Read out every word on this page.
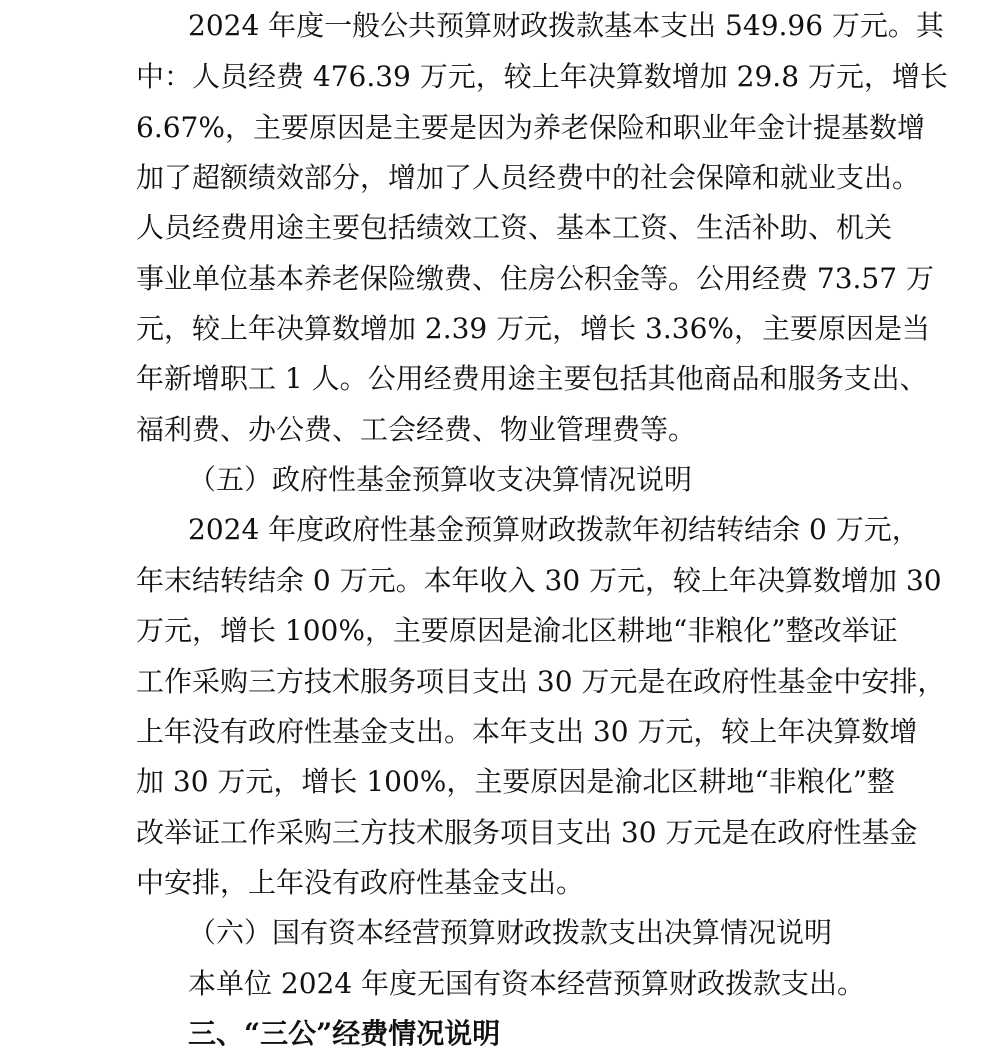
2024 年度一般公共预算财政拨款基本支出 549.96 万元。其
中：人员经费 476.39 万元，较上年决算数增加 29.8 万元，增长
6.67%，主要原因是主要是因为养老保险和职业年金计提基数增
加了超额绩效部分，增加了人员经费中的社会保障和就业支出。
人员经费用途主要包括绩效工资、基本工资、生活补助、机关
事业单位基本养老保险缴费、住房公积金等。公用经费 73.57 万
元，较上年决算数增加 2.39 万元，增长 3.36%，主要原因是当
年新增职工 1 人。公用经费用途主要包括其他商品和服务支出、
福利费、办公费、工会经费、物业管理费等。
（五）政府性基金预算收支决算情况说明
2024 年度政府性基金预算财政拨款年初结转结余 0 万元，
年末结转结余 0 万元。本年收入 30 万元，较上年决算数增加 30
万元，增长 100%，主要原因是渝北区耕地“非粮化”整改举证
工作采购三方技术服务项目支出 30 万元是在政府性基金中安排，
上年没有政府性基金支出。本年支出 30 万元，较上年决算数增
加 30 万元，增长 100%，主要原因是渝北区耕地“非粮化”整
改举证工作采购三方技术服务项目支出 30 万元是在政府性基金
中安排，上年没有政府性基金支出。
（六）国有资本经营预算财政拨款支出决算情况说明
本单位 2024 年度无国有资本经营预算财政拨款支出。
三、“三公”经费情况说明
